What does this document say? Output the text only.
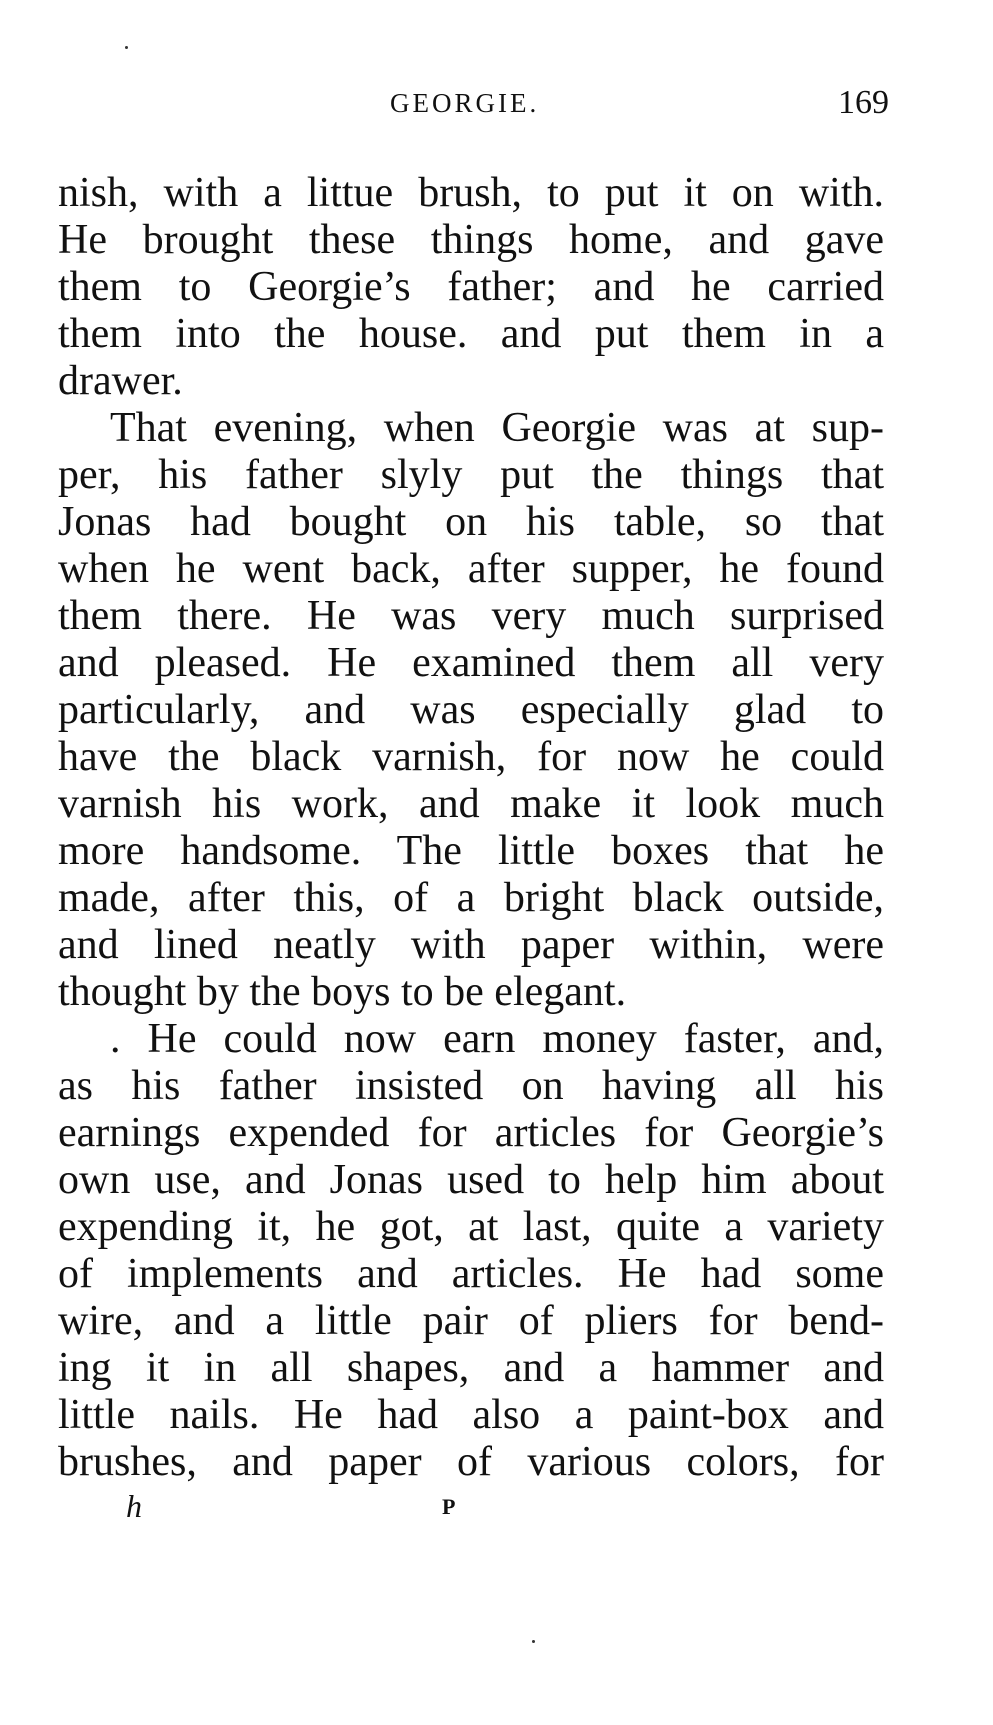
GEORGIE.	169
nish, with a littue brush, to put it on with.
He brought these things home, and gave
them to Georgie’s father; and he carried
them into the house. and put them in a
drawer.
That evening, when Georgie was at sup-
per, his father slyly put the things that
Jonas had bought on his table, so that
when he went back, after supper, he found
them there. He was very much surprised
and pleased. He examined them all very
particularly, and was especially glad to
have the black varnish, for now he could
varnish his work, and make it look much
more handsome. The little boxes that he
made, after this, of a bright black outside,
and lined neatly with paper within, were
thought by the boys to be elegant.
. He could now earn money faster, and,
as his father insisted on having all his
earnings expended for articles for Georgie’s
own use, and Jonas used to help him about
expending it, he got, at last, quite a variety
of implements and articles. He had some
wire, and a little pair of pliers for bend-
ing it in all shapes, and a hammer and
little nails. He had also a paint-box and
brushes, and paper of various colors, for
h	P
